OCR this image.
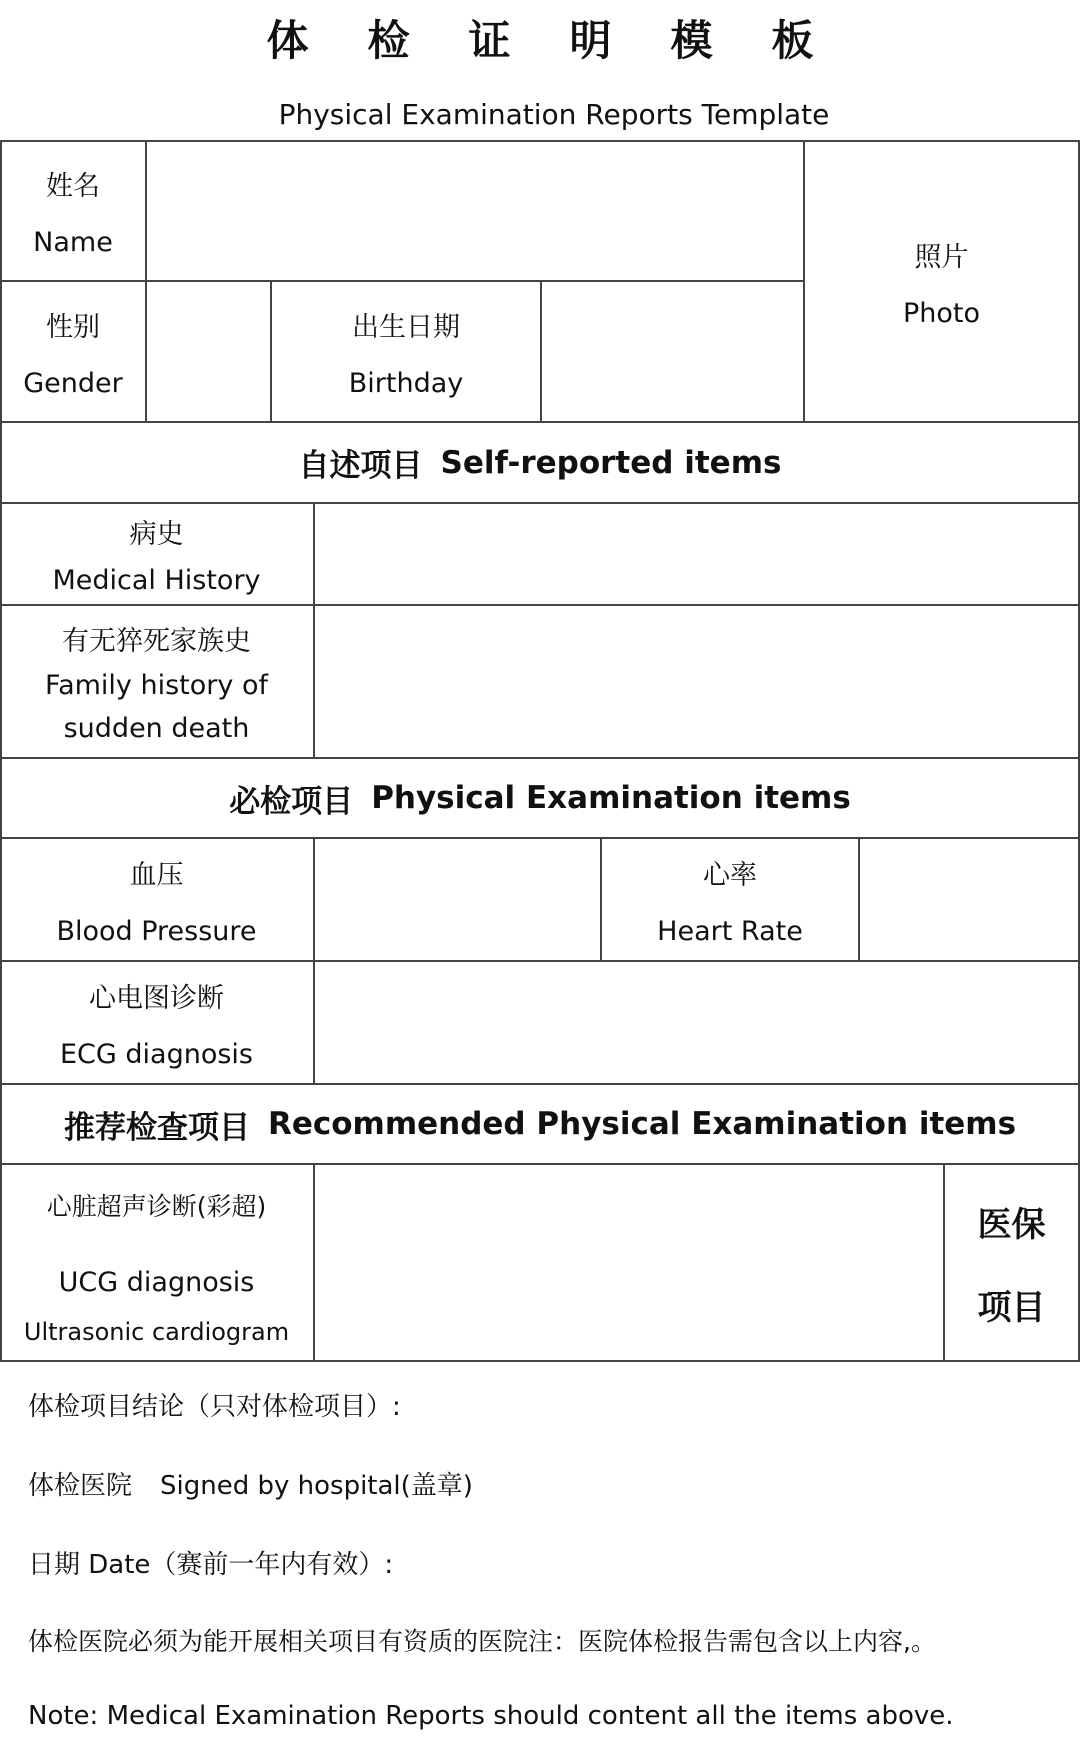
体 检 证 明 模 板
Physical Examination Reports Template
姓名
Name
性别
Gender
出生日期
Birthday
照片
Photo
自述项目 Self-reported items
病史
Medical History
有无猝死家族史
Family history of
sudden death
必检项目 Physical Examination items
血压
Blood Pressure
心率
Heart Rate
心电图诊断
ECG diagnosis
推荐检查项目 Recommended Physical Examination items
心脏超声诊断(彩超)
UCG diagnosis
Ultrasonic cardiogram
医保
项目
体检项目结论（只对体检项目）:
体检医院 Signed by hospital(盖章)
日期 Date（赛前一年内有效）:
体检医院必须为能开展相关项目有资质的医院注：医院体检报告需包含以上内容,。
Note: Medical Examination Reports should content all the items above.
